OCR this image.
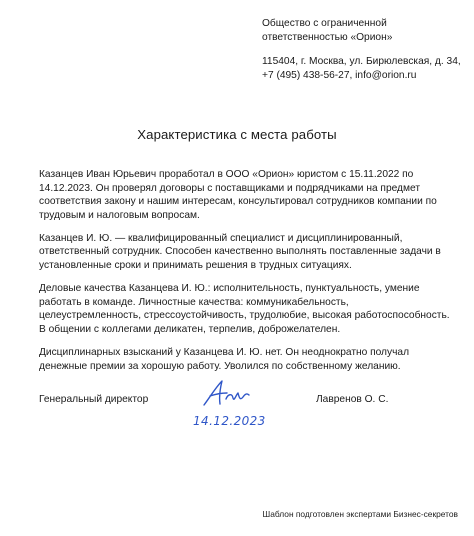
Общество с ограниченной
ответственностью «Орион»
115404, г. Москва, ул. Бирюлевская, д. 34,
+7 (495) 438-56-27, info@orion.ru
Характеристика с места работы

Казанцев Иван Юрьевич проработал в ООО «Орион» юристом с 15.11.2022 по 14.12.2023. Он проверял договоры с поставщиками и подрядчиками на предмет соответствия закону и нашим интересам, консультировал сотрудников компании по трудовым и налоговым вопросам.

Казанцев И. Ю. — квалифицированный специалист и дисциплинированный, ответственный сотрудник. Способен качественно выполнять поставленные задачи в установленные сроки и принимать решения в трудных ситуациях.

Деловые качества Казанцева И. Ю.: исполнительность, пунктуальность, умение работать в команде. Личностные качества: коммуникабельность, целеустремленность, стрессоустойчивость, трудолюбие, высокая работоспособность. В общении с коллегами деликатен, терпелив, доброжелателен.

Дисциплинарных взысканий у Казанцева И. Ю. нет. Он неоднократно получал денежные премии за хорошую работу. Уволился по собственному желанию.

Генеральный директор
14.12.2023
Лавренов О. С.
Шаблон подготовлен экспертами Бизнес-секретов
